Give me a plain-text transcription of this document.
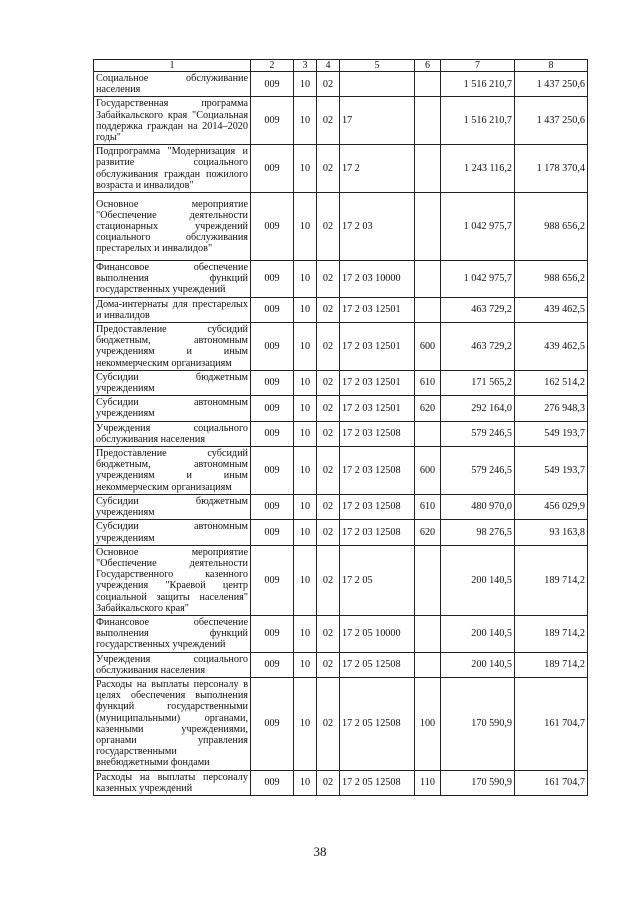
1	2	3	4	5	6	7	8
Социальное обслуживание населения	009	10	02			1 516 210,7	1 437 250,6
Государственная программа Забайкальского края "Социальная поддержка граждан на 2014–2020 годы"	009	10	02	17		1 516 210,7	1 437 250,6
Подпрограмма "Модернизация и развитие социального обслуживания граждан пожилого возраста и инвалидов"	009	10	02	17 2		1 243 116,2	1 178 370,4
Основное мероприятие "Обеспечение деятельности стационарных учреждений социального обслуживания престарелых и инвалидов"	009	10	02	17 2 03		1 042 975,7	988 656,2
Финансовое обеспечение выполнения функций государственных учреждений	009	10	02	17 2 03 10000		1 042 975,7	988 656,2
Дома-интернаты для престарелых и инвалидов	009	10	02	17 2 03 12501		463 729,2	439 462,5
Предоставление субсидий бюджетным, автономным учреждениям и иным некоммерческим организациям	009	10	02	17 2 03 12501	600	463 729,2	439 462,5
Субсидии бюджетным учреждениям	009	10	02	17 2 03 12501	610	171 565,2	162 514,2
Субсидии автономным учреждениям	009	10	02	17 2 03 12501	620	292 164,0	276 948,3
Учреждения социального обслуживания населения	009	10	02	17 2 03 12508		579 246,5	549 193,7
Предоставление субсидий бюджетным, автономным учреждениям и иным некоммерческим организациям	009	10	02	17 2 03 12508	600	579 246,5	549 193,7
Субсидии бюджетным учреждениям	009	10	02	17 2 03 12508	610	480 970,0	456 029,9
Субсидии автономным учреждениям	009	10	02	17 2 03 12508	620	98 276,5	93 163,8
Основное мероприятие "Обеспечение деятельности Государственного казенного учреждения "Краевой центр социальной защиты населения" Забайкальского края"	009	10	02	17 2 05		200 140,5	189 714,2
Финансовое обеспечение выполнения функций государственных учреждений	009	10	02	17 2 05 10000		200 140,5	189 714,2
Учреждения социального обслуживания населения	009	10	02	17 2 05 12508		200 140,5	189 714,2
Расходы на выплаты персоналу в целях обеспечения выполнения функций государственными (муниципальными) органами, казенными учреждениями, органами управления государственными внебюджетными фондами	009	10	02	17 2 05 12508	100	170 590,9	161 704,7
Расходы на выплаты персоналу казенных учреждений	009	10	02	17 2 05 12508	110	170 590,9	161 704,7
38
